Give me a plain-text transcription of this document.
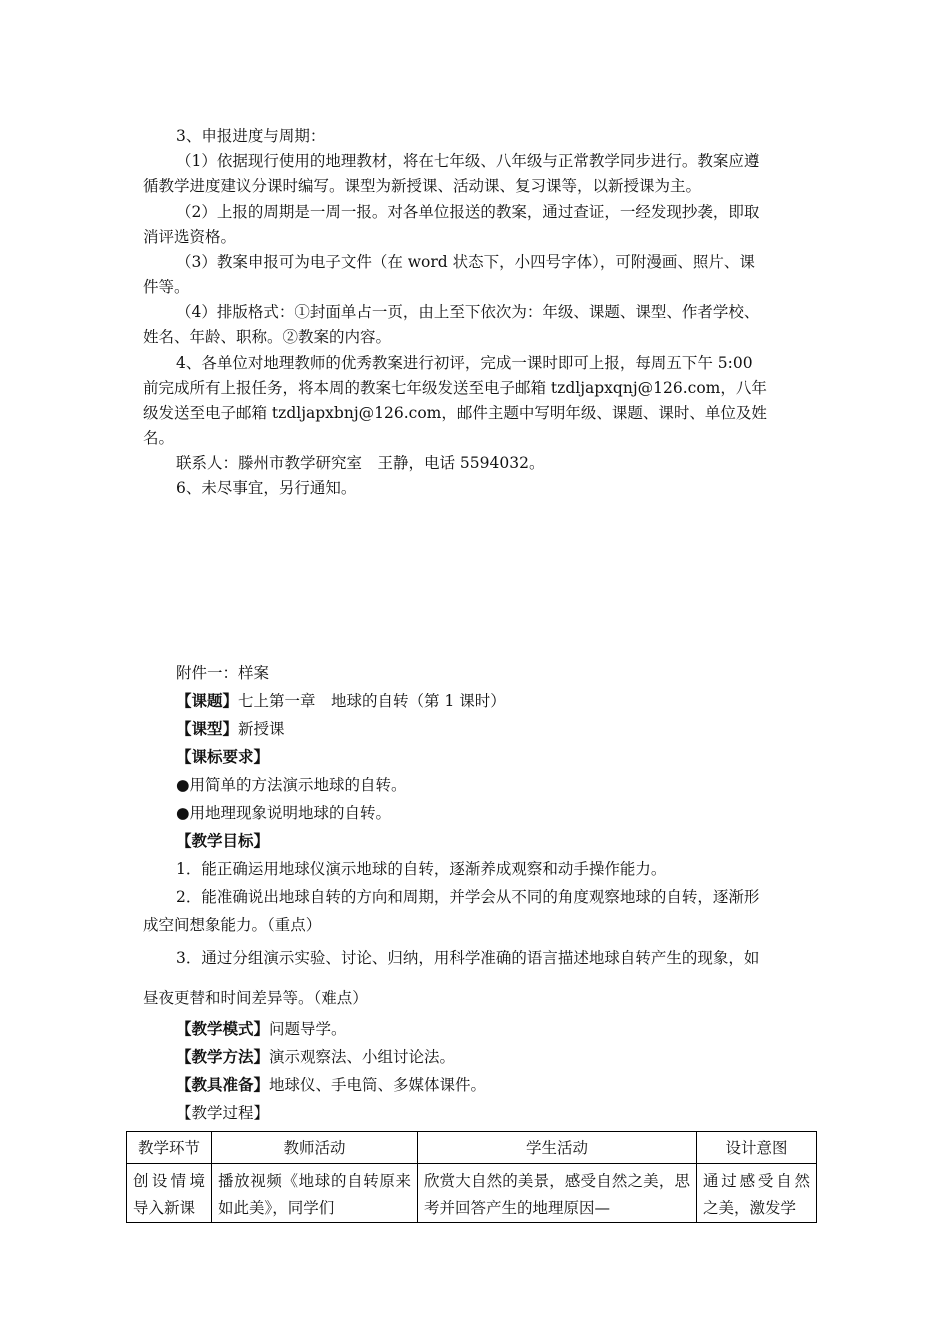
3、申报进度与周期：
（1）依据现行使用的地理教材，将在七年级、八年级与正常教学同步进行。教案应遵
循教学进度建议分课时编写。课型为新授课、活动课、复习课等，以新授课为主。
（2）上报的周期是一周一报。对各单位报送的教案，通过查证，一经发现抄袭，即取
消评选资格。
（3）教案申报可为电子文件（在 word 状态下，小四号字体），可附漫画、照片、课
件等。
（4）排版格式：①封面单占一页，由上至下依次为：年级、课题、课型、作者学校、
姓名、年龄、职称。②教案的内容。
4、各单位对地理教师的优秀教案进行初评，完成一课时即可上报，每周五下午 5:00
前完成所有上报任务，将本周的教案七年级发送至电子邮箱 tzdljapxqnj@126.com，八年
级发送至电子邮箱 tzdljapxbnj@126.com，邮件主题中写明年级、课题、课时、单位及姓
名。
联系人：滕州市教学研究室　王静，电话 5594032。
6、未尽事宜，另行通知。
附件一：样案
【课题】七上第一章　地球的自转（第 1 课时）
【课型】新授课
【课标要求】
●用简单的方法演示地球的自转。
●用地理现象说明地球的自转。
【教学目标】
1．能正确运用地球仪演示地球的自转，逐渐养成观察和动手操作能力。
2．能准确说出地球自转的方向和周期，并学会从不同的角度观察地球的自转，逐渐形
成空间想象能力。（重点）
3．通过分组演示实验、讨论、归纳，用科学准确的语言描述地球自转产生的现象，如
昼夜更替和时间差异等。（难点）
【教学模式】问题导学。
【教学方法】演示观察法、小组讨论法。
【教具准备】地球仪、手电筒、多媒体课件。
【教学过程】
教学环节	教师活动	学生活动	设计意图
创设情境导入新课	播放视频《地球的自转原来如此美》，同学们	欣赏大自然的美景，感受自然之美，思考并回答产生的地理原因—	通过感受自然之美，激发学
